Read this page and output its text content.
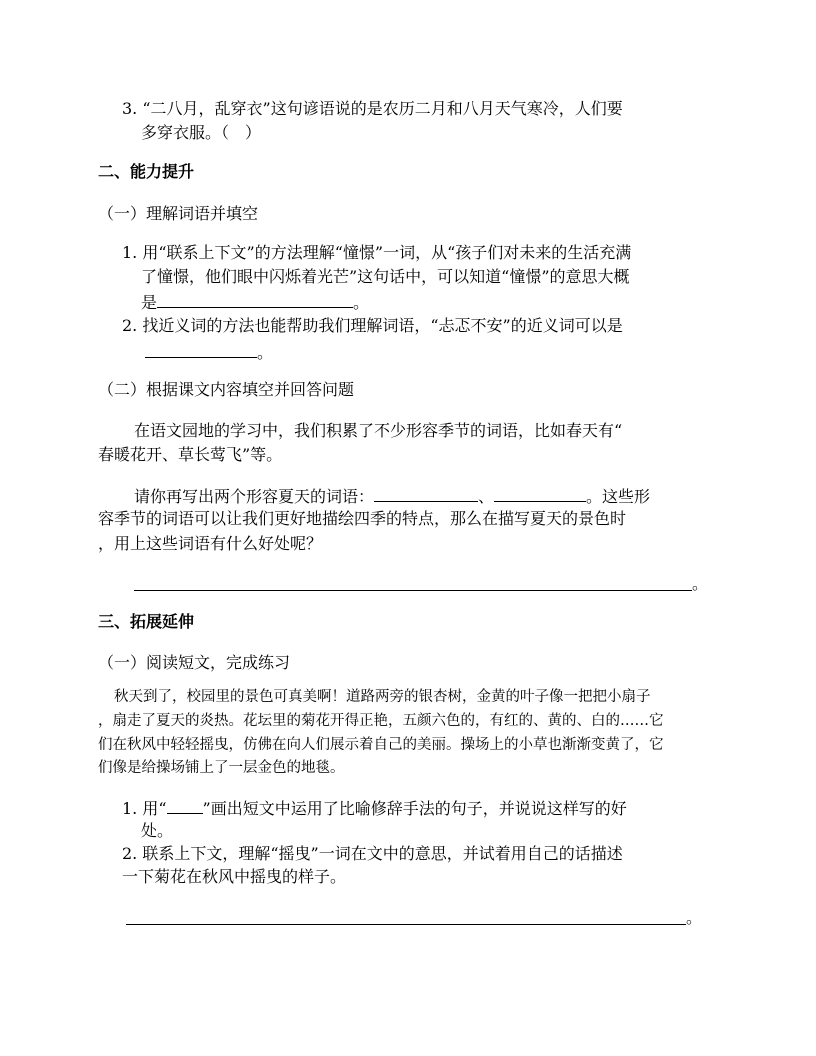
3. “二八月，乱穿衣”这句谚语说的是农历二月和八月天气寒冷，人们要
多穿衣服。（　）
二、能力提升
（一）理解词语并填空
1. 用“联系上下文”的方法理解“憧憬”一词，从“孩子们对未来的生活充满
了憧憬，他们眼中闪烁着光芒”这句话中，可以知道“憧憬”的意思大概
是	。
2. 找近义词的方法也能帮助我们理解词语，“忐忑不安”的近义词可以是
。
（二）根据课文内容填空并回答问题
在语文园地的学习中，我们积累了不少形容季节的词语，比如春天有“
春暖花开、草长莺飞”等。
请你再写出两个形容夏天的词语：	、	。这些形
容季节的词语可以让我们更好地描绘四季的特点，那么在描写夏天的景色时
，用上这些词语有什么好处呢？
。
三、拓展延伸
（一）阅读短文，完成练习
秋天到了，校园里的景色可真美啊！道路两旁的银杏树，金黄的叶子像一把把小扇子
，扇走了夏天的炎热。花坛里的菊花开得正艳，五颜六色的，有红的、黄的、白的……它
们在秋风中轻轻摇曳，仿佛在向人们展示着自己的美丽。操场上的小草也渐渐变黄了，它
们像是给操场铺上了一层金色的地毯。
1. 用“ ”画出短文中运用了比喻修辞手法的句子，并说说这样写的好
处。
2. 联系上下文，理解“摇曳”一词在文中的意思，并试着用自己的话描述
一下菊花在秋风中摇曳的样子。
。
